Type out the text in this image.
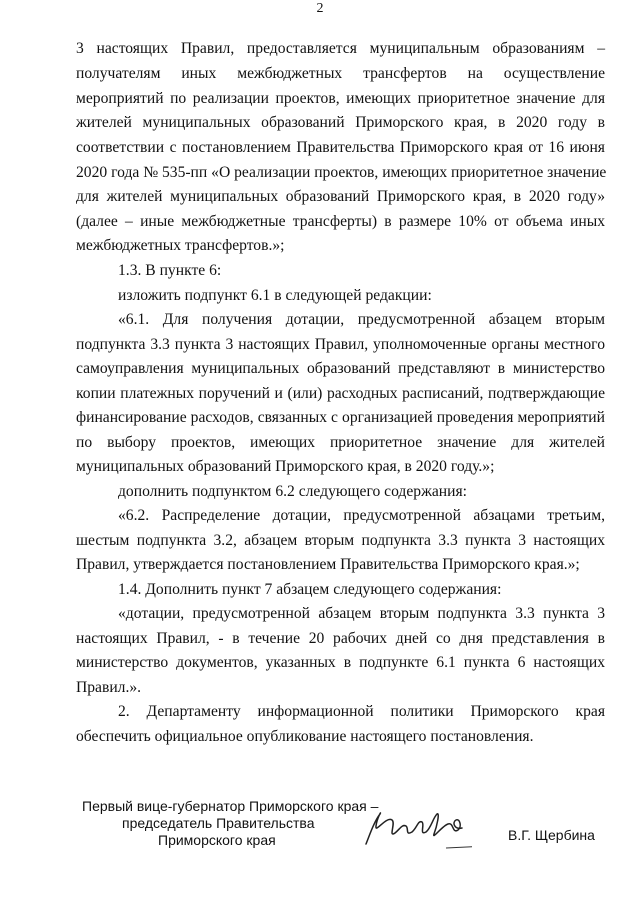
2
3 настоящих Правил, предоставляется муниципальным образованиям –
получателям иных межбюджетных трансфертов на осуществление
мероприятий по реализации проектов, имеющих приоритетное значение для
жителей муниципальных образований Приморского края, в 2020 году в
соответствии с постановлением Правительства Приморского края от 16 июня
2020 года № 535-пп «О реализации проектов, имеющих приоритетное значение
для жителей муниципальных образований Приморского края, в 2020 году»
(далее – иные межбюджетные трансферты) в размере 10% от объема иных
межбюджетных трансфертов.»;
1.3. В пункте 6:
изложить подпункт 6.1 в следующей редакции:
«6.1. Для получения дотации, предусмотренной абзацем вторым
подпункта 3.3 пункта 3 настоящих Правил, уполномоченные органы местного
самоуправления муниципальных образований представляют в министерство
копии платежных поручений и (или) расходных расписаний, подтверждающие
финансирование расходов, связанных с организацией проведения мероприятий
по выбору проектов, имеющих приоритетное значение для жителей
муниципальных образований Приморского края, в 2020 году.»;
дополнить подпунктом 6.2 следующего содержания:
«6.2. Распределение дотации, предусмотренной абзацами третьим,
шестым подпункта 3.2, абзацем вторым подпункта 3.3 пункта 3 настоящих
Правил, утверждается постановлением Правительства Приморского края.»;
1.4. Дополнить пункт 7 абзацем следующего содержания:
«дотации, предусмотренной абзацем вторым подпункта 3.3 пункта 3
настоящих Правил, - в течение 20 рабочих дней со дня представления в
министерство документов, указанных в подпункте 6.1 пункта 6 настоящих
Правил.».
2. Департаменту информационной политики Приморского края
обеспечить официальное опубликование настоящего постановления.
Первый вице-губернатор Приморского края –
председатель Правительства
Приморского края	В.Г. Щербина
